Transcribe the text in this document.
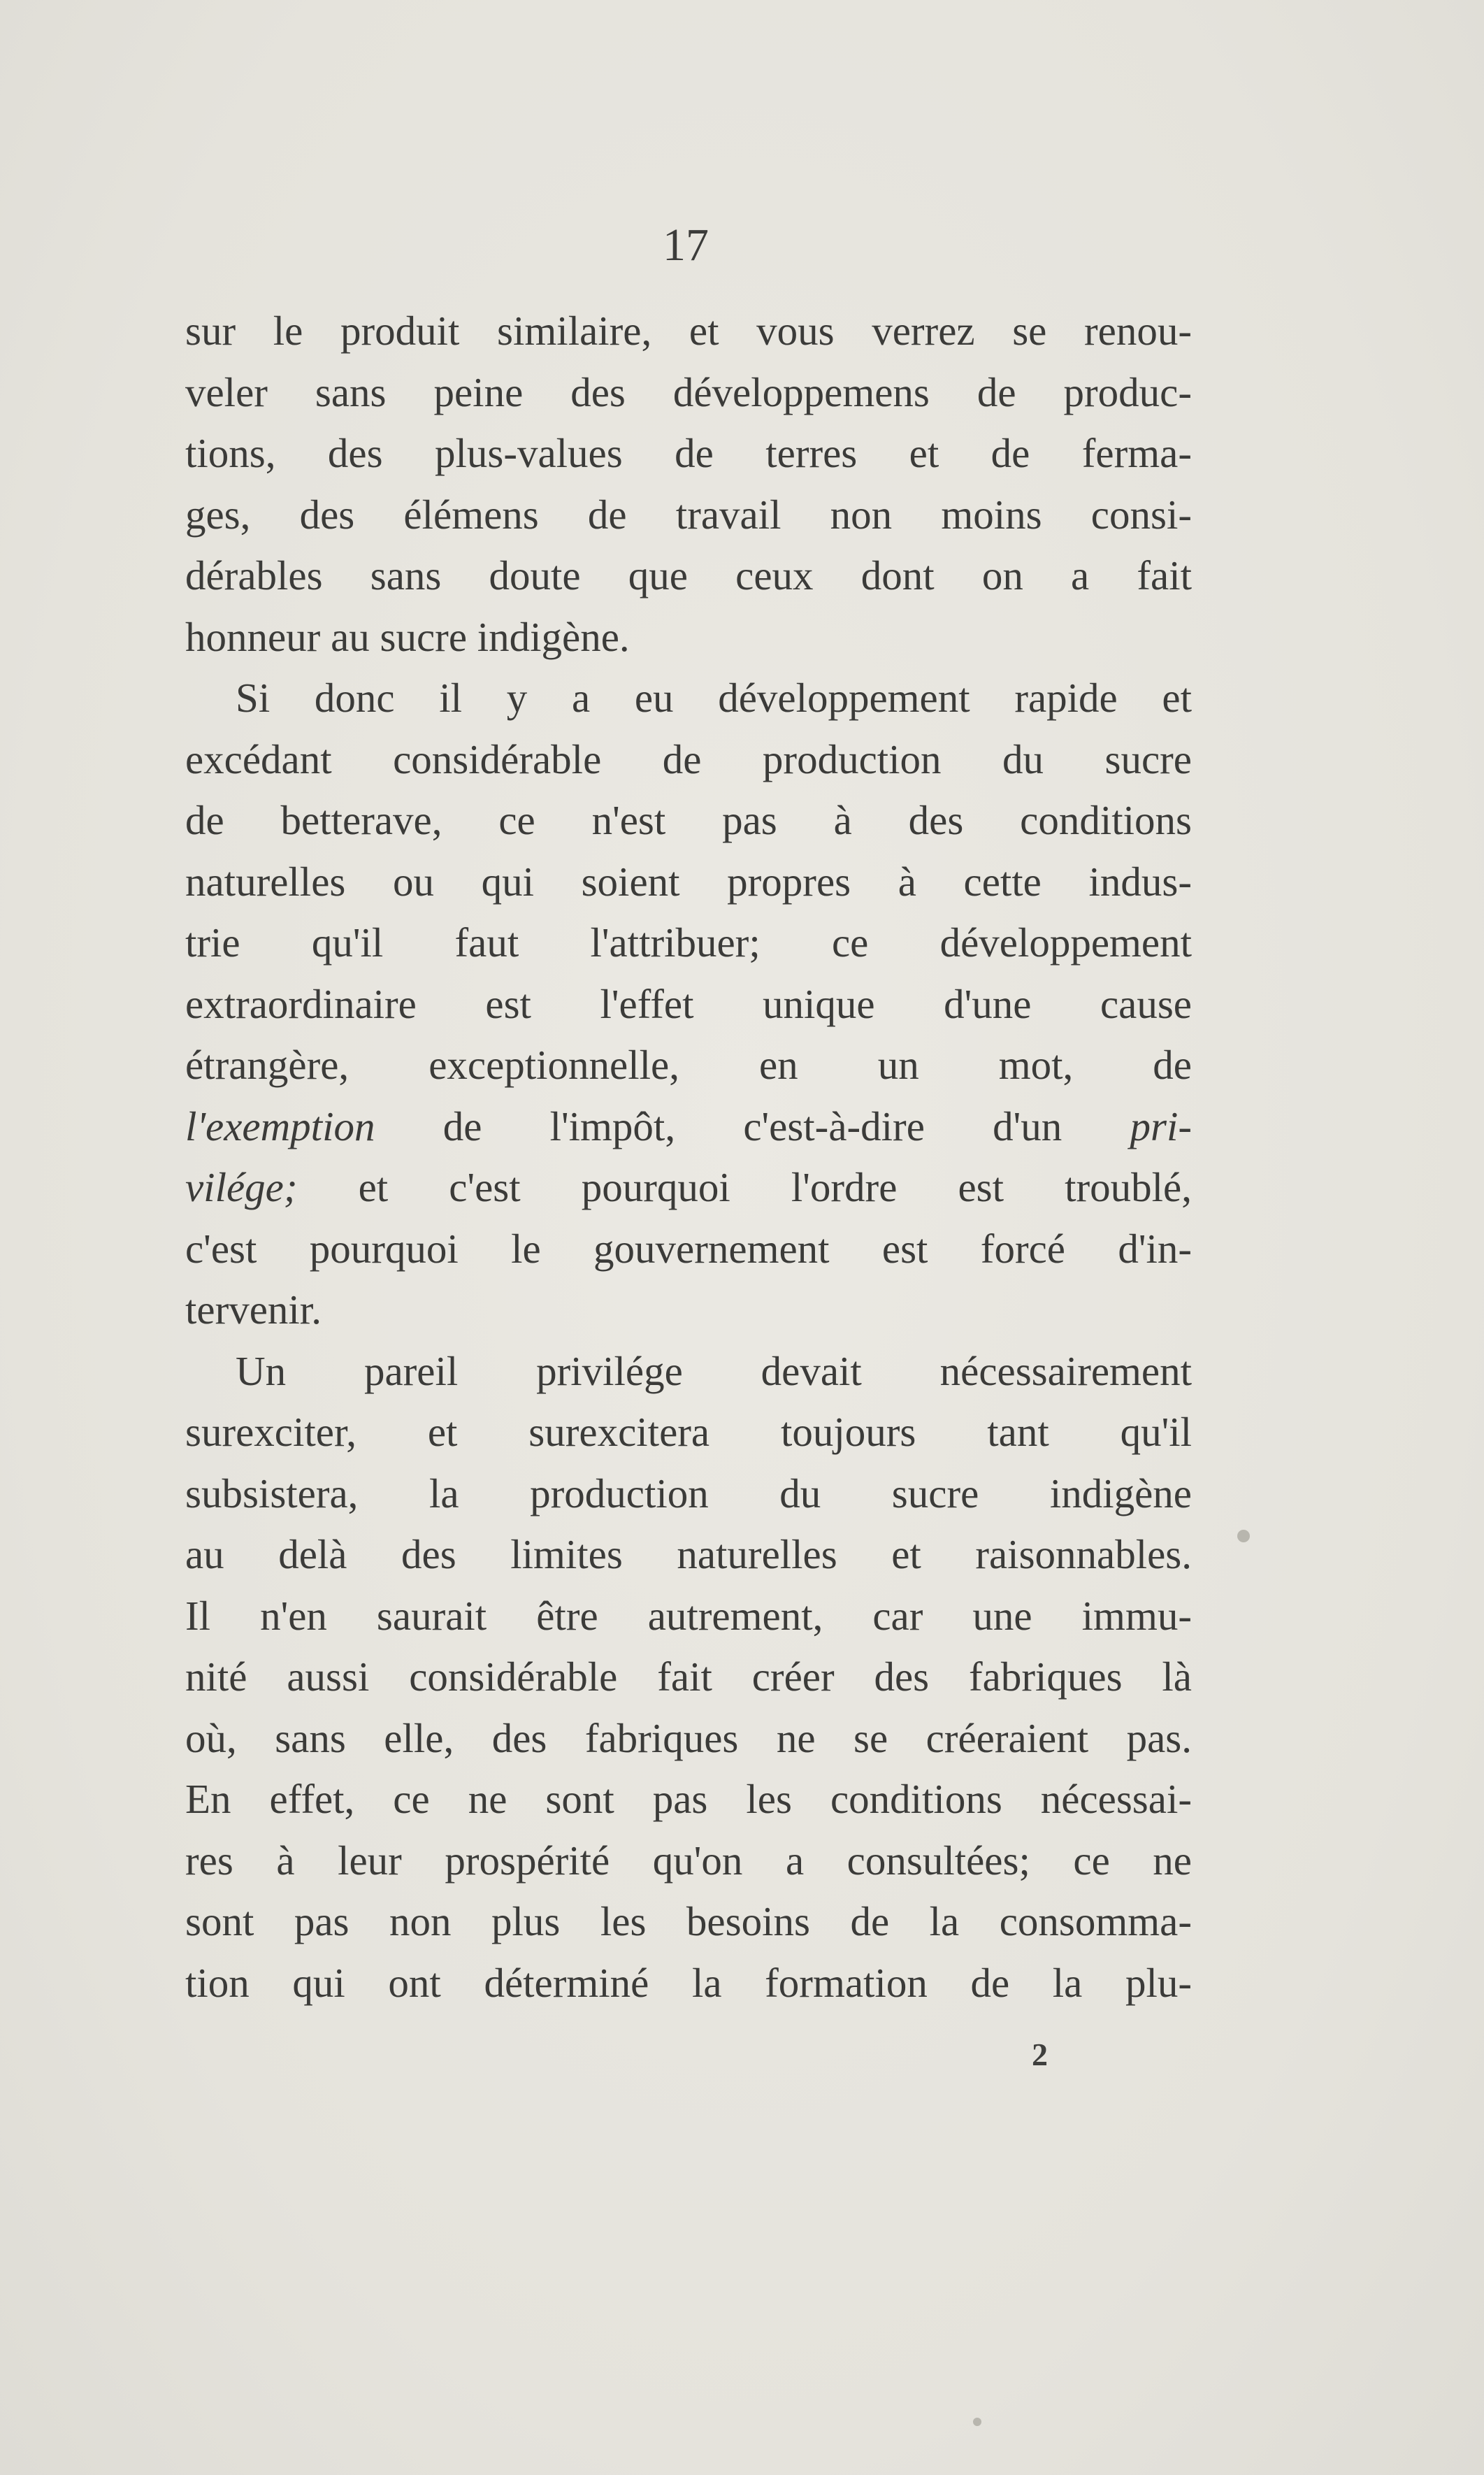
17
sur le produit similaire, et vous verrez se renou-
veler sans peine des développemens de produc-
tions, des plus-values de terres et de ferma-
ges, des élémens de travail non moins consi-
dérables sans doute que ceux dont on a fait
honneur au sucre indigène.
Si donc il y a eu développement rapide et
excédant considérable de production du sucre
de betterave, ce n'est pas à des conditions
naturelles ou qui soient propres à cette indus-
trie qu'il faut l'attribuer; ce développement
extraordinaire est l'effet unique d'une cause
étrangère, exceptionnelle, en un mot, de
l'exemption de l'impôt, c'est-à-dire d'un pri-
vilége; et c'est pourquoi l'ordre est troublé,
c'est pourquoi le gouvernement est forcé d'in-
tervenir.
Un pareil privilége devait nécessairement
surexciter, et surexcitera toujours tant qu'il
subsistera, la production du sucre indigène
au delà des limites naturelles et raisonnables.
Il n'en saurait être autrement, car une immu-
nité aussi considérable fait créer des fabriques là
où, sans elle, des fabriques ne se créeraient pas.
En effet, ce ne sont pas les conditions nécessai-
res à leur prospérité qu'on a consultées; ce ne
sont pas non plus les besoins de la consomma-
tion qui ont déterminé la formation de la plu-
2
